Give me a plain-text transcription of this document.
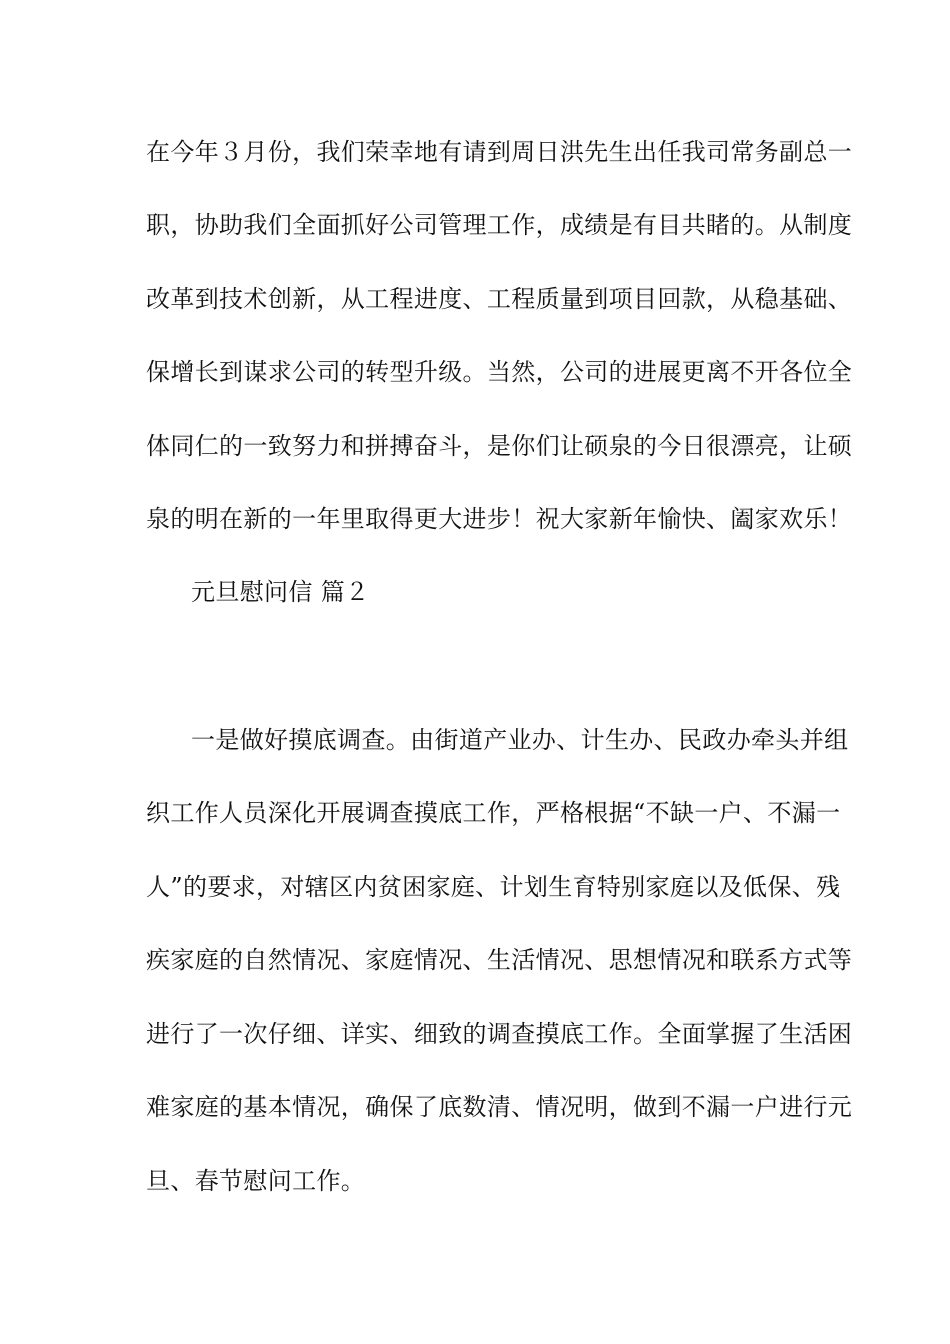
在今年３月份，我们荣幸地有请到周日洪先生出任我司常务副总一
职，协助我们全面抓好公司管理工作，成绩是有目共睹的。从制度
改革到技术创新，从工程进度、工程质量到项目回款，从稳基础、
保增长到谋求公司的转型升级。当然，公司的进展更离不开各位全
体同仁的一致努力和拼搏奋斗，是你们让硕泉的今日很漂亮，让硕
泉的明在新的一年里取得更大进步！祝大家新年愉快、阖家欢乐！
元旦慰问信 篇２
一是做好摸底调查。由街道产业办、计生办、民政办牵头并组
织工作人员深化开展调查摸底工作，严格根据“不缺一户、不漏一
人”的要求，对辖区内贫困家庭、计划生育特别家庭以及低保、残
疾家庭的自然情况、家庭情况、生活情况、思想情况和联系方式等
进行了一次仔细、详实、细致的调查摸底工作。全面掌握了生活困
难家庭的基本情况，确保了底数清、情况明，做到不漏一户进行元
旦、春节慰问工作。
